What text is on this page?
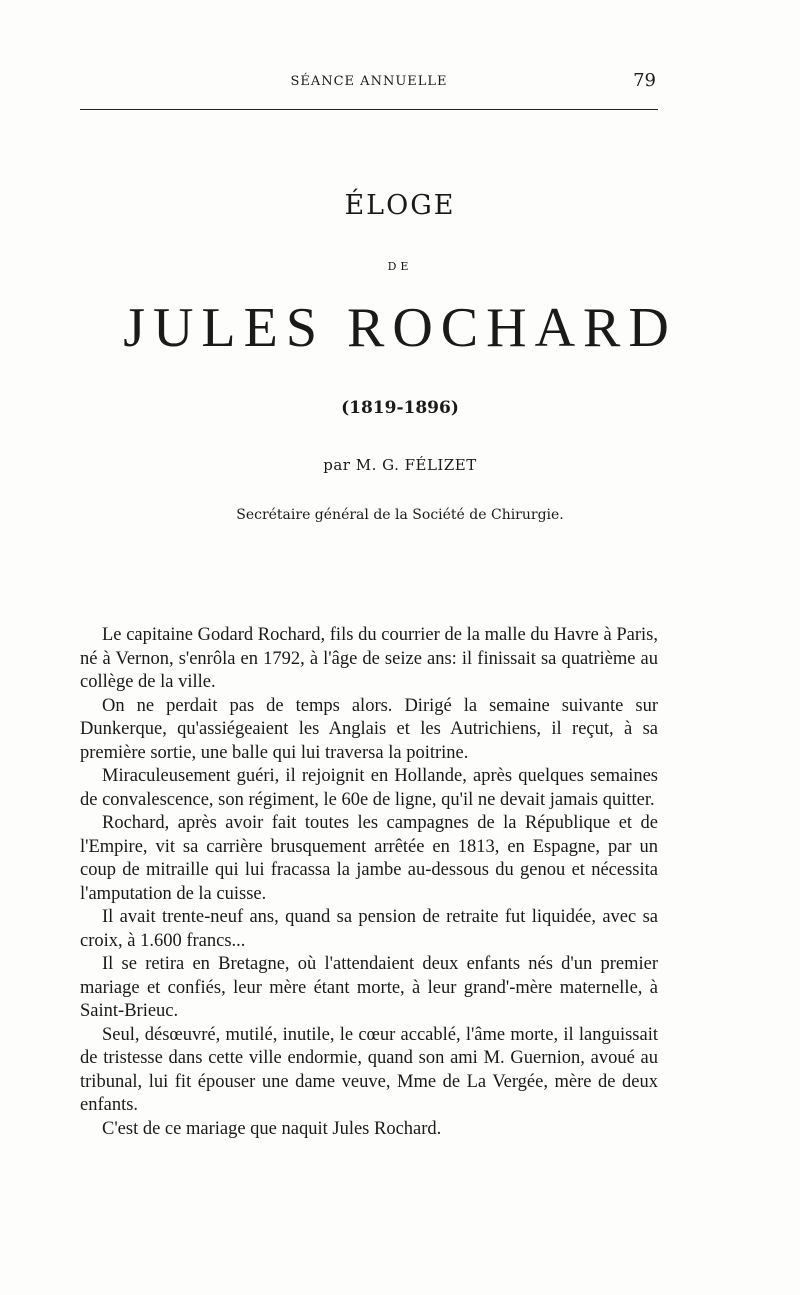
SÉANCE ANNUELLE	79
ÉLOGE
DE
JULES ROCHARD
(1819-1896)
par M. G. FÉLIZET
Secrétaire général de la Société de Chirurgie.

Le capitaine Godard Rochard, fils du courrier de la malle du Havre à Paris, né à Vernon, s'enrôla en 1792, à l'âge de seize ans: il finissait sa quatrième au collège de la ville.

On ne perdait pas de temps alors. Dirigé la semaine suivante sur Dunkerque, qu'assiégeaient les Anglais et les Autrichiens, il reçut, à sa première sortie, une balle qui lui traversa la poitrine.

Miraculeusement guéri, il rejoignit en Hollande, après quelques semaines de convalescence, son régiment, le 60e de ligne, qu'il ne devait jamais quitter.

Rochard, après avoir fait toutes les campagnes de la République et de l'Empire, vit sa carrière brusquement arrêtée en 1813, en Espagne, par un coup de mitraille qui lui fracassa la jambe au-dessous du genou et nécessita l'amputation de la cuisse.

Il avait trente-neuf ans, quand sa pension de retraite fut liquidée, avec sa croix, à 1.600 francs...

Il se retira en Bretagne, où l'attendaient deux enfants nés d'un premier mariage et confiés, leur mère étant morte, à leur grand'-mère maternelle, à Saint-Brieuc.

Seul, désœuvré, mutilé, inutile, le cœur accablé, l'âme morte, il languissait de tristesse dans cette ville endormie, quand son ami M. Guernion, avoué au tribunal, lui fit épouser une dame veuve, Mme de La Vergée, mère de deux enfants.

C'est de ce mariage que naquit Jules Rochard.
